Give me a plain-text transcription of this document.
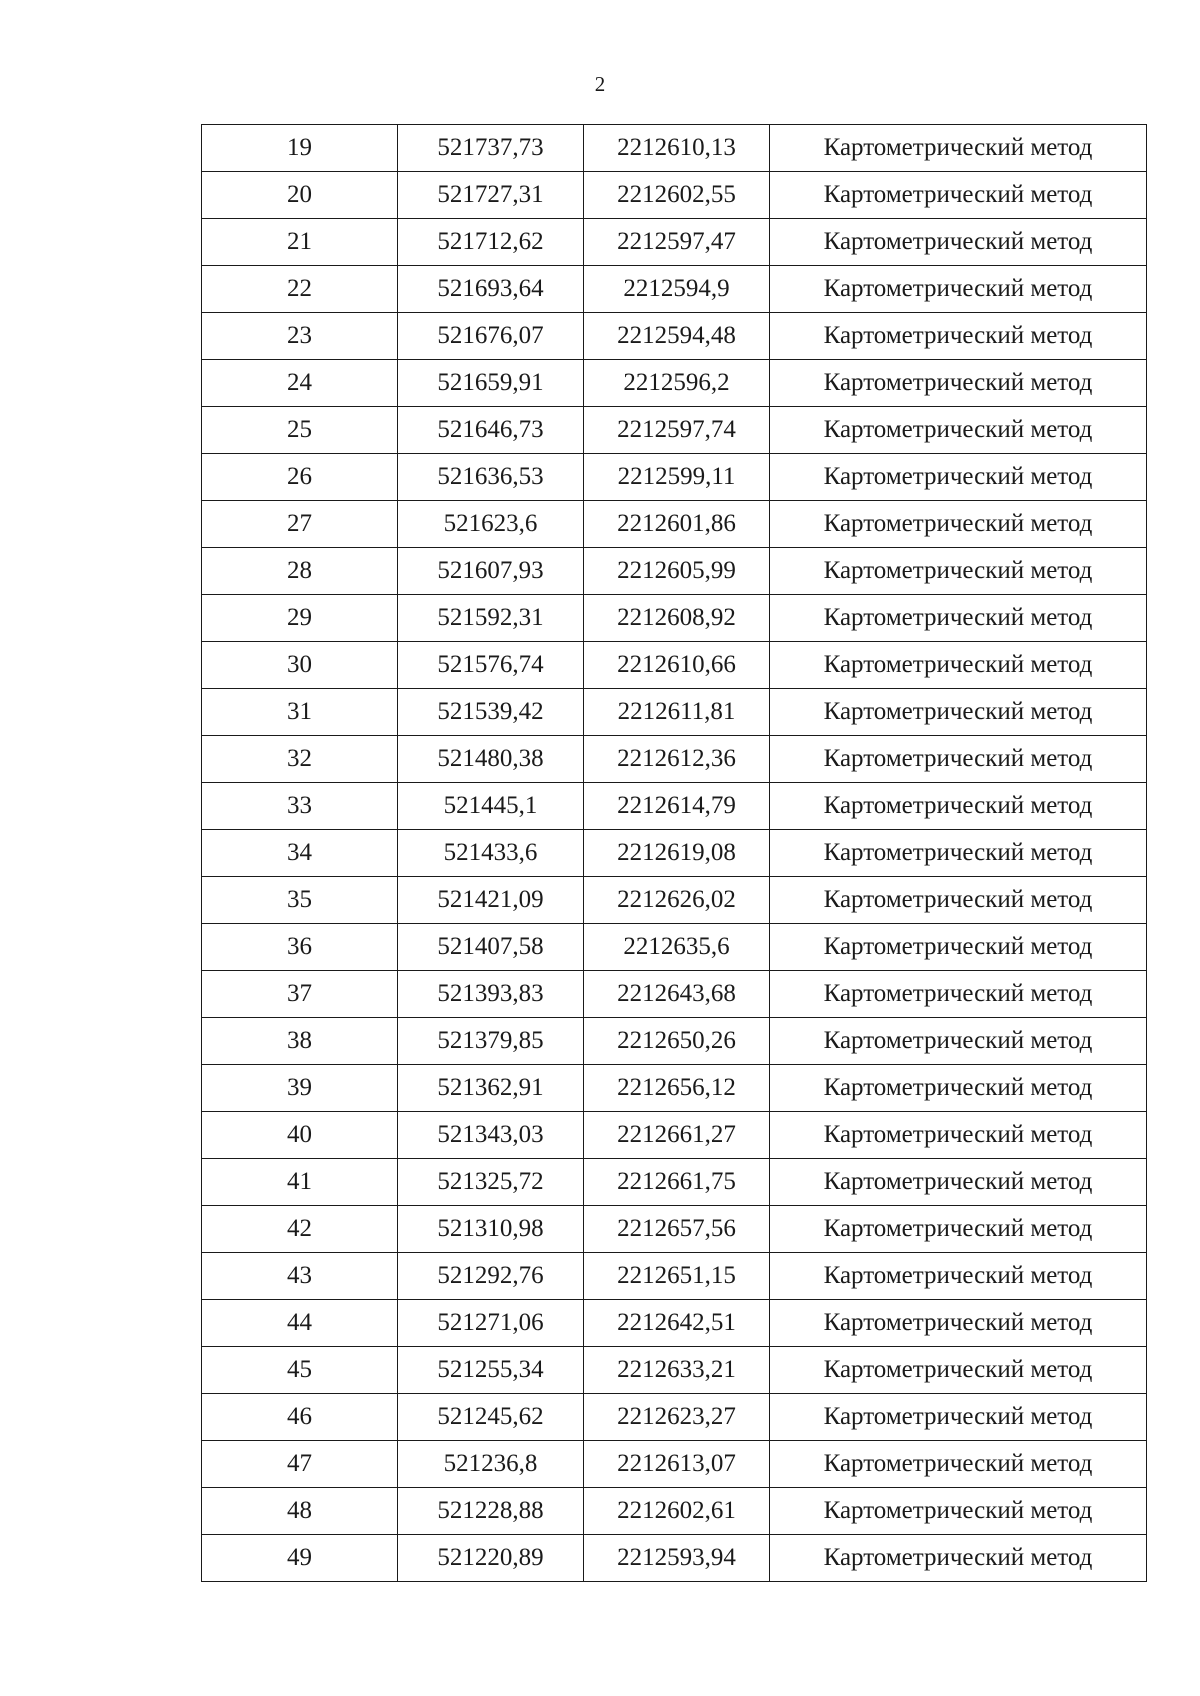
2
19	521737,73	2212610,13	Картометрический метод
20	521727,31	2212602,55	Картометрический метод
21	521712,62	2212597,47	Картометрический метод
22	521693,64	2212594,9	Картометрический метод
23	521676,07	2212594,48	Картометрический метод
24	521659,91	2212596,2	Картометрический метод
25	521646,73	2212597,74	Картометрический метод
26	521636,53	2212599,11	Картометрический метод
27	521623,6	2212601,86	Картометрический метод
28	521607,93	2212605,99	Картометрический метод
29	521592,31	2212608,92	Картометрический метод
30	521576,74	2212610,66	Картометрический метод
31	521539,42	2212611,81	Картометрический метод
32	521480,38	2212612,36	Картометрический метод
33	521445,1	2212614,79	Картометрический метод
34	521433,6	2212619,08	Картометрический метод
35	521421,09	2212626,02	Картометрический метод
36	521407,58	2212635,6	Картометрический метод
37	521393,83	2212643,68	Картометрический метод
38	521379,85	2212650,26	Картометрический метод
39	521362,91	2212656,12	Картометрический метод
40	521343,03	2212661,27	Картометрический метод
41	521325,72	2212661,75	Картометрический метод
42	521310,98	2212657,56	Картометрический метод
43	521292,76	2212651,15	Картометрический метод
44	521271,06	2212642,51	Картометрический метод
45	521255,34	2212633,21	Картометрический метод
46	521245,62	2212623,27	Картометрический метод
47	521236,8	2212613,07	Картометрический метод
48	521228,88	2212602,61	Картометрический метод
49	521220,89	2212593,94	Картометрический метод
